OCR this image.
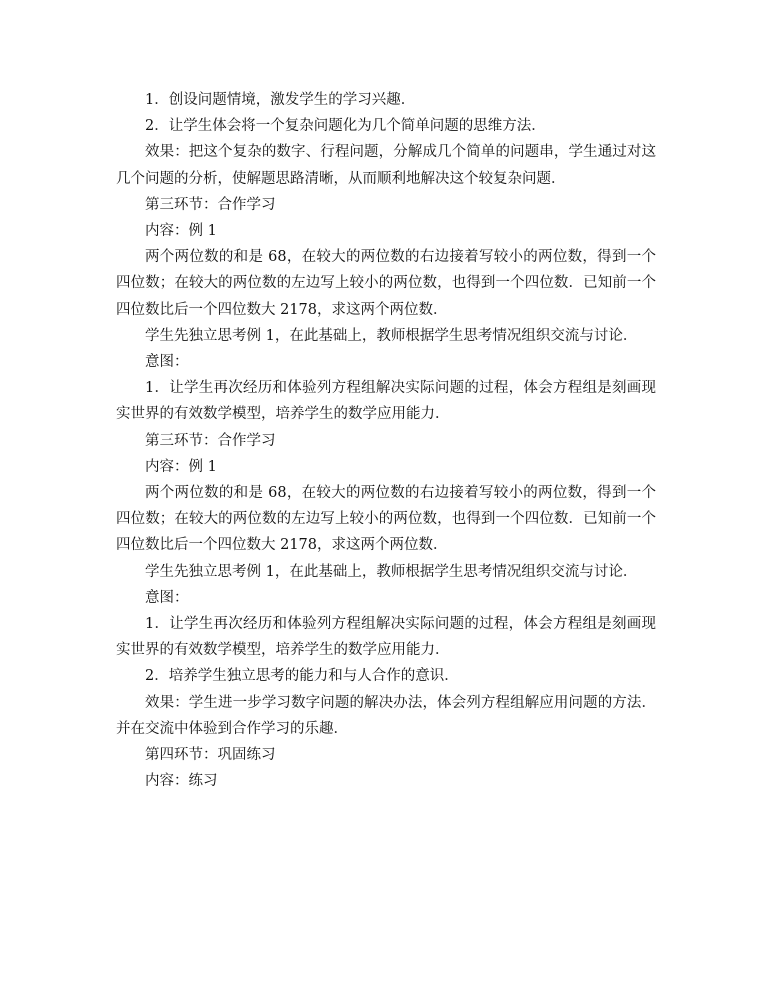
1．创设问题情境，激发学生的学习兴趣．

2．让学生体会将一个复杂问题化为几个简单问题的思维方法．

效果：把这个复杂的数字、行程问题，分解成几个简单的问题串，学生通过对这几个问题的分析，使解题思路清晰，从而顺利地解决这个较复杂问题．

第三环节：合作学习

内容：例 1

两个两位数的和是 68，在较大的两位数的右边接着写较小的两位数，得到一个四位数；在较大的两位数的左边写上较小的两位数，也得到一个四位数．已知前一个四位数比后一个四位数大 2178，求这两个两位数．

学生先独立思考例 1，在此基础上，教师根据学生思考情况组织交流与讨论．

意图：

1．让学生再次经历和体验列方程组解决实际问题的过程，体会方程组是刻画现实世界的有效数学模型，培养学生的数学应用能力．

第三环节：合作学习

内容：例 1

两个两位数的和是 68，在较大的两位数的右边接着写较小的两位数，得到一个四位数；在较大的两位数的左边写上较小的两位数，也得到一个四位数．已知前一个四位数比后一个四位数大 2178，求这两个两位数．

学生先独立思考例 1，在此基础上，教师根据学生思考情况组织交流与讨论．

意图：

1．让学生再次经历和体验列方程组解决实际问题的过程，体会方程组是刻画现实世界的有效数学模型，培养学生的数学应用能力．

2．培养学生独立思考的能力和与人合作的意识．

效果：学生进一步学习数字问题的解决办法，体会列方程组解应用问题的方法．并在交流中体验到合作学习的乐趣．

第四环节：巩固练习

内容：练习
